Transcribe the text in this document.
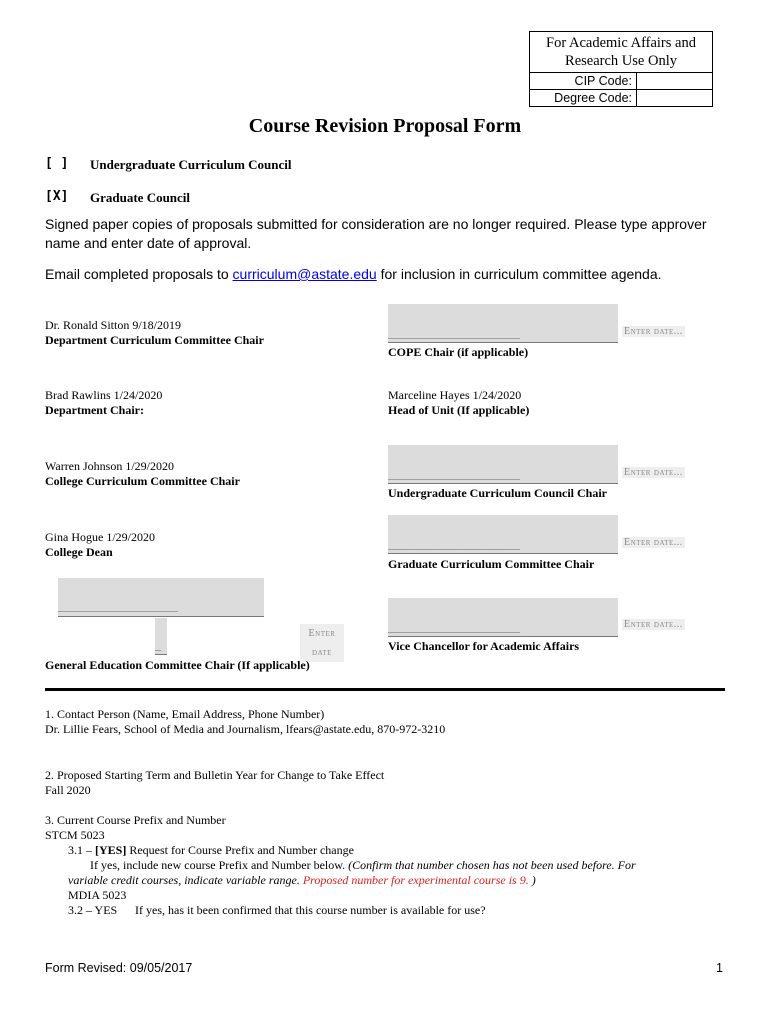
For Academic Affairs and
Research Use Only	
CIP Code:	
Degree Code:	
Course Revision Proposal Form
[ ] Undergraduate Curriculum Council
[X] Graduate Council
Signed paper copies of proposals submitted for consideration are no longer required. Please type approver name and enter date of approval.
Email completed proposals to curriculum@astate.edu for inclusion in curriculum committee agenda.
Dr. Ronald Sitton 9/18/2019
Department Curriculum Committee Chair
Brad Rawlins 1/24/2020
Department Chair:
Warren Johnson 1/29/2020
College Curriculum Committee Chair
Gina Hogue 1/29/2020
College Dean
____________________
_
Enter
date
General Education Committee Chair (If applicable)
______________________	Enter date...
COPE Chair (if applicable)
Marceline Hayes 1/24/2020
Head of Unit (If applicable)
______________________	Enter date...
Undergraduate Curriculum Council Chair
______________________	Enter date...
Graduate Curriculum Committee Chair
______________________	Enter date...
Vice Chancellor for Academic Affairs
1. Contact Person (Name, Email Address, Phone Number)
Dr. Lillie Fears, School of Media and Journalism, lfears@astate.edu, 870-972-3210
2. Proposed Starting Term and Bulletin Year for Change to Take Effect
Fall 2020
3. Current Course Prefix and Number
STCM 5023
3.1 – [YES] Request for Course Prefix and Number change
If yes, include new course Prefix and Number below. (Confirm that number chosen has not been used before. For
variable credit courses, indicate variable range. Proposed number for experimental course is 9. )
MDIA 5023
3.2 – YES If yes, has it been confirmed that this course number is available for use?
Form Revised: 09/05/2017	1
